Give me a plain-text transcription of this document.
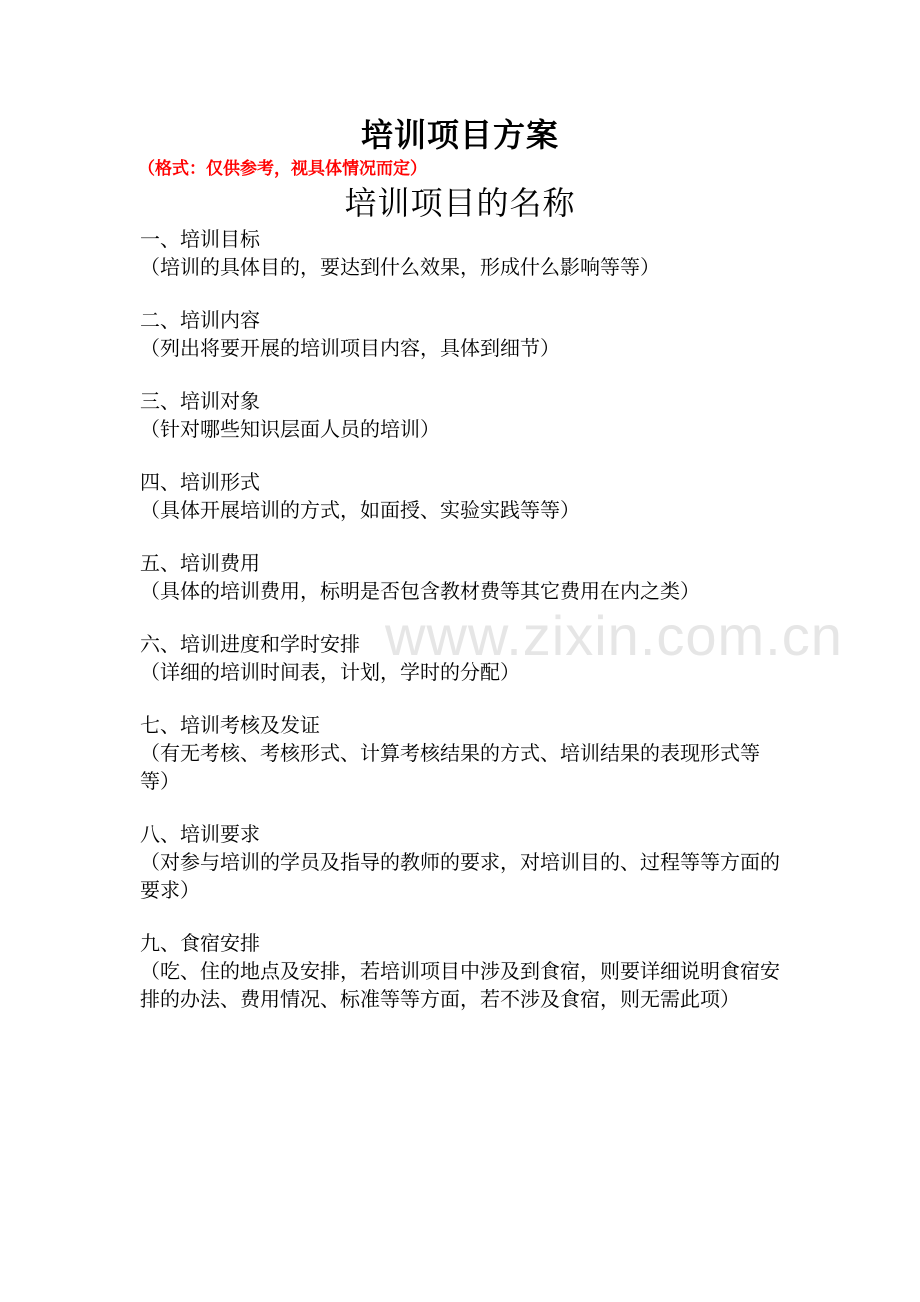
www.zixin.com.cn
培训项目方案
（格式：仅供参考，视具体情况而定）
培训项目的名称
一、培训目标

（培训的具体目的，要达到什么效果，形成什么影响等等）

二、培训内容

（列出将要开展的培训项目内容，具体到细节）

三、培训对象

（针对哪些知识层面人员的培训）

四、培训形式

（具体开展培训的方式，如面授、实验实践等等）

五、培训费用

（具体的培训费用，标明是否包含教材费等其它费用在内之类）

六、培训进度和学时安排

（详细的培训时间表，计划，学时的分配）

七、培训考核及发证

（有无考核、考核形式、计算考核结果的方式、培训结果的表现形式等等）

八、培训要求

（对参与培训的学员及指导的教师的要求，对培训目的、过程等等方面的要求）

九、食宿安排

（吃、住的地点及安排，若培训项目中涉及到食宿，则要详细说明食宿安排的办法、费用情况、标准等等方面，若不涉及食宿，则无需此项）
